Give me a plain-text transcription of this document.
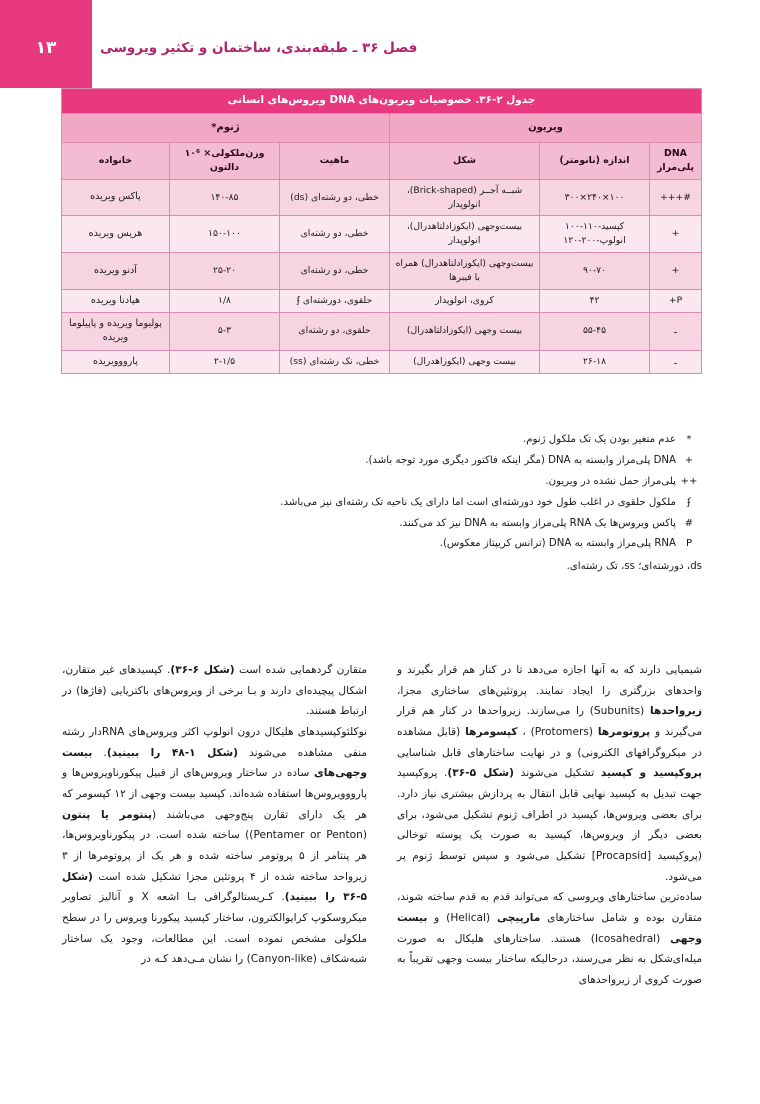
۱۳	فصل ۳۶ ـ طبقه‌بندی، ساختمان و تکثیر ویروسی
جدول ۲-۳۶. خصوصیات ویریون‌های DNA ویروس‌های انسانی					
ویریون			ژنوم*		
DNA پلی‌مراز	اندازه (نانومتر)	شکل	ماهیت	وزن‌ملکولی× ۱۰⁶ دالتون	خانواده
#+++	۱۰۰×۲۴۰×۳۰۰	شبــه آجــر (Brick-shaped)، انولوپدار	خطی، دو رشته‌ای (ds)	۱۴۰-۸۵	پاکس ویریده
+	کپسید-۱۱۰-۱۰۰ انولوپ-۲۰۰-۱۲۰	بیست‌وجهی (ایکوزادلتاهدرال)، انولوپدار	خطی، دو رشته‌ای	۱۵۰-۱۰۰	هرپس ویریده
+	۹۰-۷۰	بیست‌وجهی (ایکوزادلتاهدرال) همراه با فیبرها	خطی، دو رشته‌ای	۲۵-۲۰	آدنو ویریده
P+	۴۲	کروی، انولوپدار	حلقوی، دورشته‌ای ʄ	۱/۸	هپادنا ویریده
ـ	۵۵-۴۵	بیست وجهی (ایکوزادلتاهدرال)	حلقوی، دو رشته‌ای	۵-۳	پولیوما ویریده و پاپیلوما ویریده
ـ	۲۶-۱۸	بیست وجهی (ایکوزاهدرال)	خطی، تک رشته‌ای (ss)	۲-۱/۵	پارووویریده
*
عدم متغیر بودن یک تک ملکول ژنوم.
+
DNA پلی‌مراز وابسته به DNA (مگر اینکه فاکتور دیگری مورد توجه باشد).
++
پلی‌مراز حمل نشده در ویریون.
ʄ
ملکول حلقوی در اغلب طول خود دورشته‌ای است اما دارای یک ناحیه تک رشته‌ای نیز می‌باشد.
#
پاکس ویروس‌ها یک RNA پلی‌مراز وابسته به DNA نیز کد می‌کنند.
P
RNA پلی‌مراز وابسته به DNA (ترانس کریپتاز معکوس).
ds، دورشته‌ای؛ ss، تک رشته‌ای.

شیمیایی دارند که به آنها اجازه می‌دهد تا در کنار هم قرار بگیرند و واحدهای بزرگتری را ایجاد نمایند. پروتئین‌های ساختاری مجزا، زیرواحدها (Subunits) را می‌سازند. زیرواحدها در کنار هم قرار می‌گیرند و پروتومرها (Protomers) ، کپسومرها (قابل مشاهده در میکروگرافهای الکترونی) و در نهایت ساختارهای قابل شناسایی پروکپسید و کپسید تشکیل می‌شوند (شکل ۵-۳۶). پروکپسید جهت تبدیل به کپسید نهایی قابل انتقال به پردازش بیشتری نیاز دارد. برای بعضی ویروس‌ها، کپسید در اطراف ژنوم تشکیل می‌شود، برای بعضی دیگر از ویروس‌ها، کپسید به صورت یک پوسته توخالی (پروکپسید [Procapsid] تشکیل می‌شود و سپس توسط ژنوم پر می‌شود.

ساده‌ترین ساختارهای ویروسی که می‌تواند قدم به قدم ساخته شوند، متقارن بوده و شامل ساختارهای مارپیچی (Helical) و بیست وجهی (Icosahedral) هستند. ساختارهای هلیکال به صورت میله‌ای‌شکل به نظر می‌رسند، درحالیکه ساختار بیست وجهی تقریباً به صورت کروی از زیرواحدهای

متقارن گردهمایی شده است (شکل ۶-۳۶). کپسیدهای غیر متقارن، اشکال پیچیده‌ای دارند و بـا برخی از ویروس‌های باکتریایی (فاژها) در ارتباط هستند.

نوکلئوکپسیدهای هلیکال درون انولوپ اکثر ویروس‌های RNAدار رشته منفی مشاهده می‌شوند (شکل ۱-۴۸ را ببینید). بیست وجهی‌های ساده در ساختار ویروس‌های از قبیل پیکورناویروس‌ها و پارووویروس‌ها استفاده شده‌اند. کپسید بیست وجهی از ۱۲ کپسومر که هر یک دارای تقارن پنج‌وجهی می‌باشند (پنتومر یا پنتون (Pentamer or Penton)) ساخته شده است. در پیکورناویروس‌ها، هر پنتامر از ۵ پروتومر ساخته شده و هر یک از پروتومرها از ۳ زیرواحد ساخته شده از ۴ پروتئین مجزا تشکیل شده است (شکل ۵-۳۶ را ببینید). کـریستالوگرافی بـا اشعه X و آنالیز تصاویر میکروسکوپ کرایوالکترون، ساختار کپسید پیکورنا ویروس را در سطح ملکولی مشخص نموده است. این مطالعات، وجود یک ساختار شبه‌شکاف (Canyon-like) را نشان مـی‌دهد کـه در
